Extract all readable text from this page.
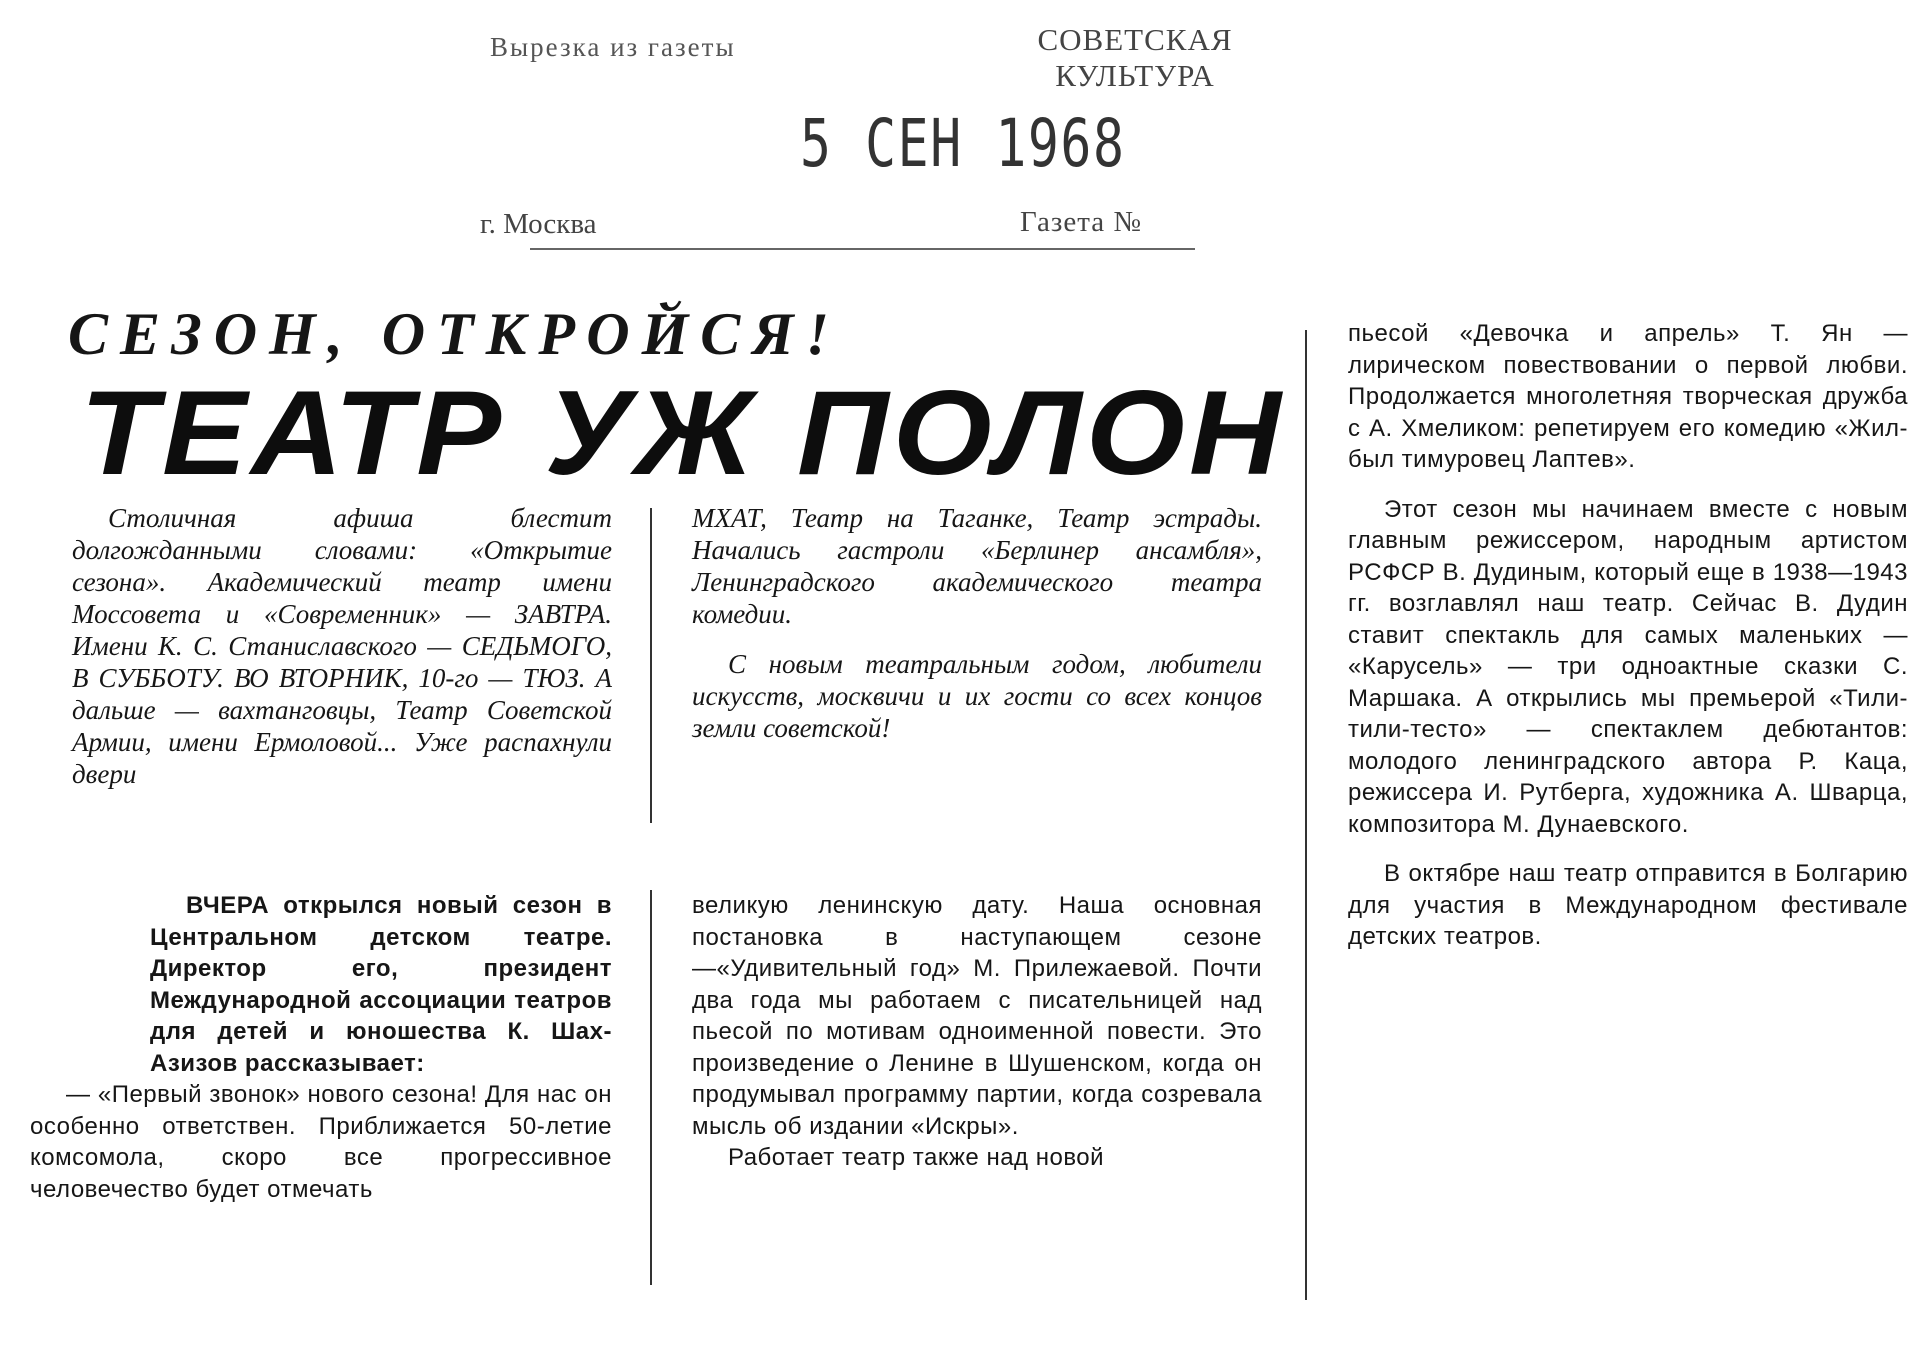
Вырезка из газеты	СОВЕТСКАЯ КУЛЬТУРА
5 СЕН 1968
г. Москва	Газета №
СЕЗОН, ОТКРОЙСЯ!
ТЕАТР УЖ ПОЛОН

Столичная афиша блестит долгожданными словами: «Открытие сезона». Академический театр имени Моссовета и «Современник» — ЗАВТРА. Имени К. С. Станиславского — СЕДЬМОГО, В СУББОТУ. ВО ВТОРНИК, 10-го — ТЮЗ. А дальше — вахтанговцы, Театр Советской Армии, имени Ермоловой... Уже распахнули двери

МХАТ, Театр на Таганке, Театр эстрады. Начались гастроли «Берлинер ансамбля», Ленинградского академического театра комедии.

С новым театральным годом, любители искусств, москвичи и их гости со всех концов земли советской!

ВЧЕРА открылся новый сезон в Центральном детском театре. Директор его, президент Международной ассоциации театров для детей и юношества К. Шах-Азизов рассказывает:

— «Первый звонок» нового сезона! Для нас он особенно ответствен. Приближается 50-летие комсомола, скоро все прогрессивное человечество будет отмечать

великую ленинскую дату. Наша основная постановка в наступающем сезоне—«Удивительный год» М. Прилежаевой. Почти два года мы работаем с писательницей над пьесой по мотивам одноименной повести. Это произведение о Ленине в Шушенском, когда он продумывал программу партии, когда созревала мысль об издании «Искры».

Работает театр также над новой

пьесой «Девочка и апрель» Т. Ян — лирическом повествовании о первой любви. Продолжается многолетняя творческая дружба с А. Хмеликом: репетируем его комедию «Жил-был тимуровец Лаптев».

Этот сезон мы начинаем вместе с новым главным режиссером, народным артистом РСФСР В. Дудиным, который еще в 1938—1943 гг. возглавлял наш театр. Сейчас В. Дудин ставит спектакль для самых маленьких — «Карусель» — три одноактные сказки С. Маршака. А открылись мы премьерой «Тили-тили-тесто» — спектаклем дебютантов: молодого ленинградского автора Р. Каца, режиссера И. Рутберга, художника А. Шварца, композитора М. Дунаевского.

В октябре наш театр отправится в Болгарию для участия в Международном фестивале детских театров.
